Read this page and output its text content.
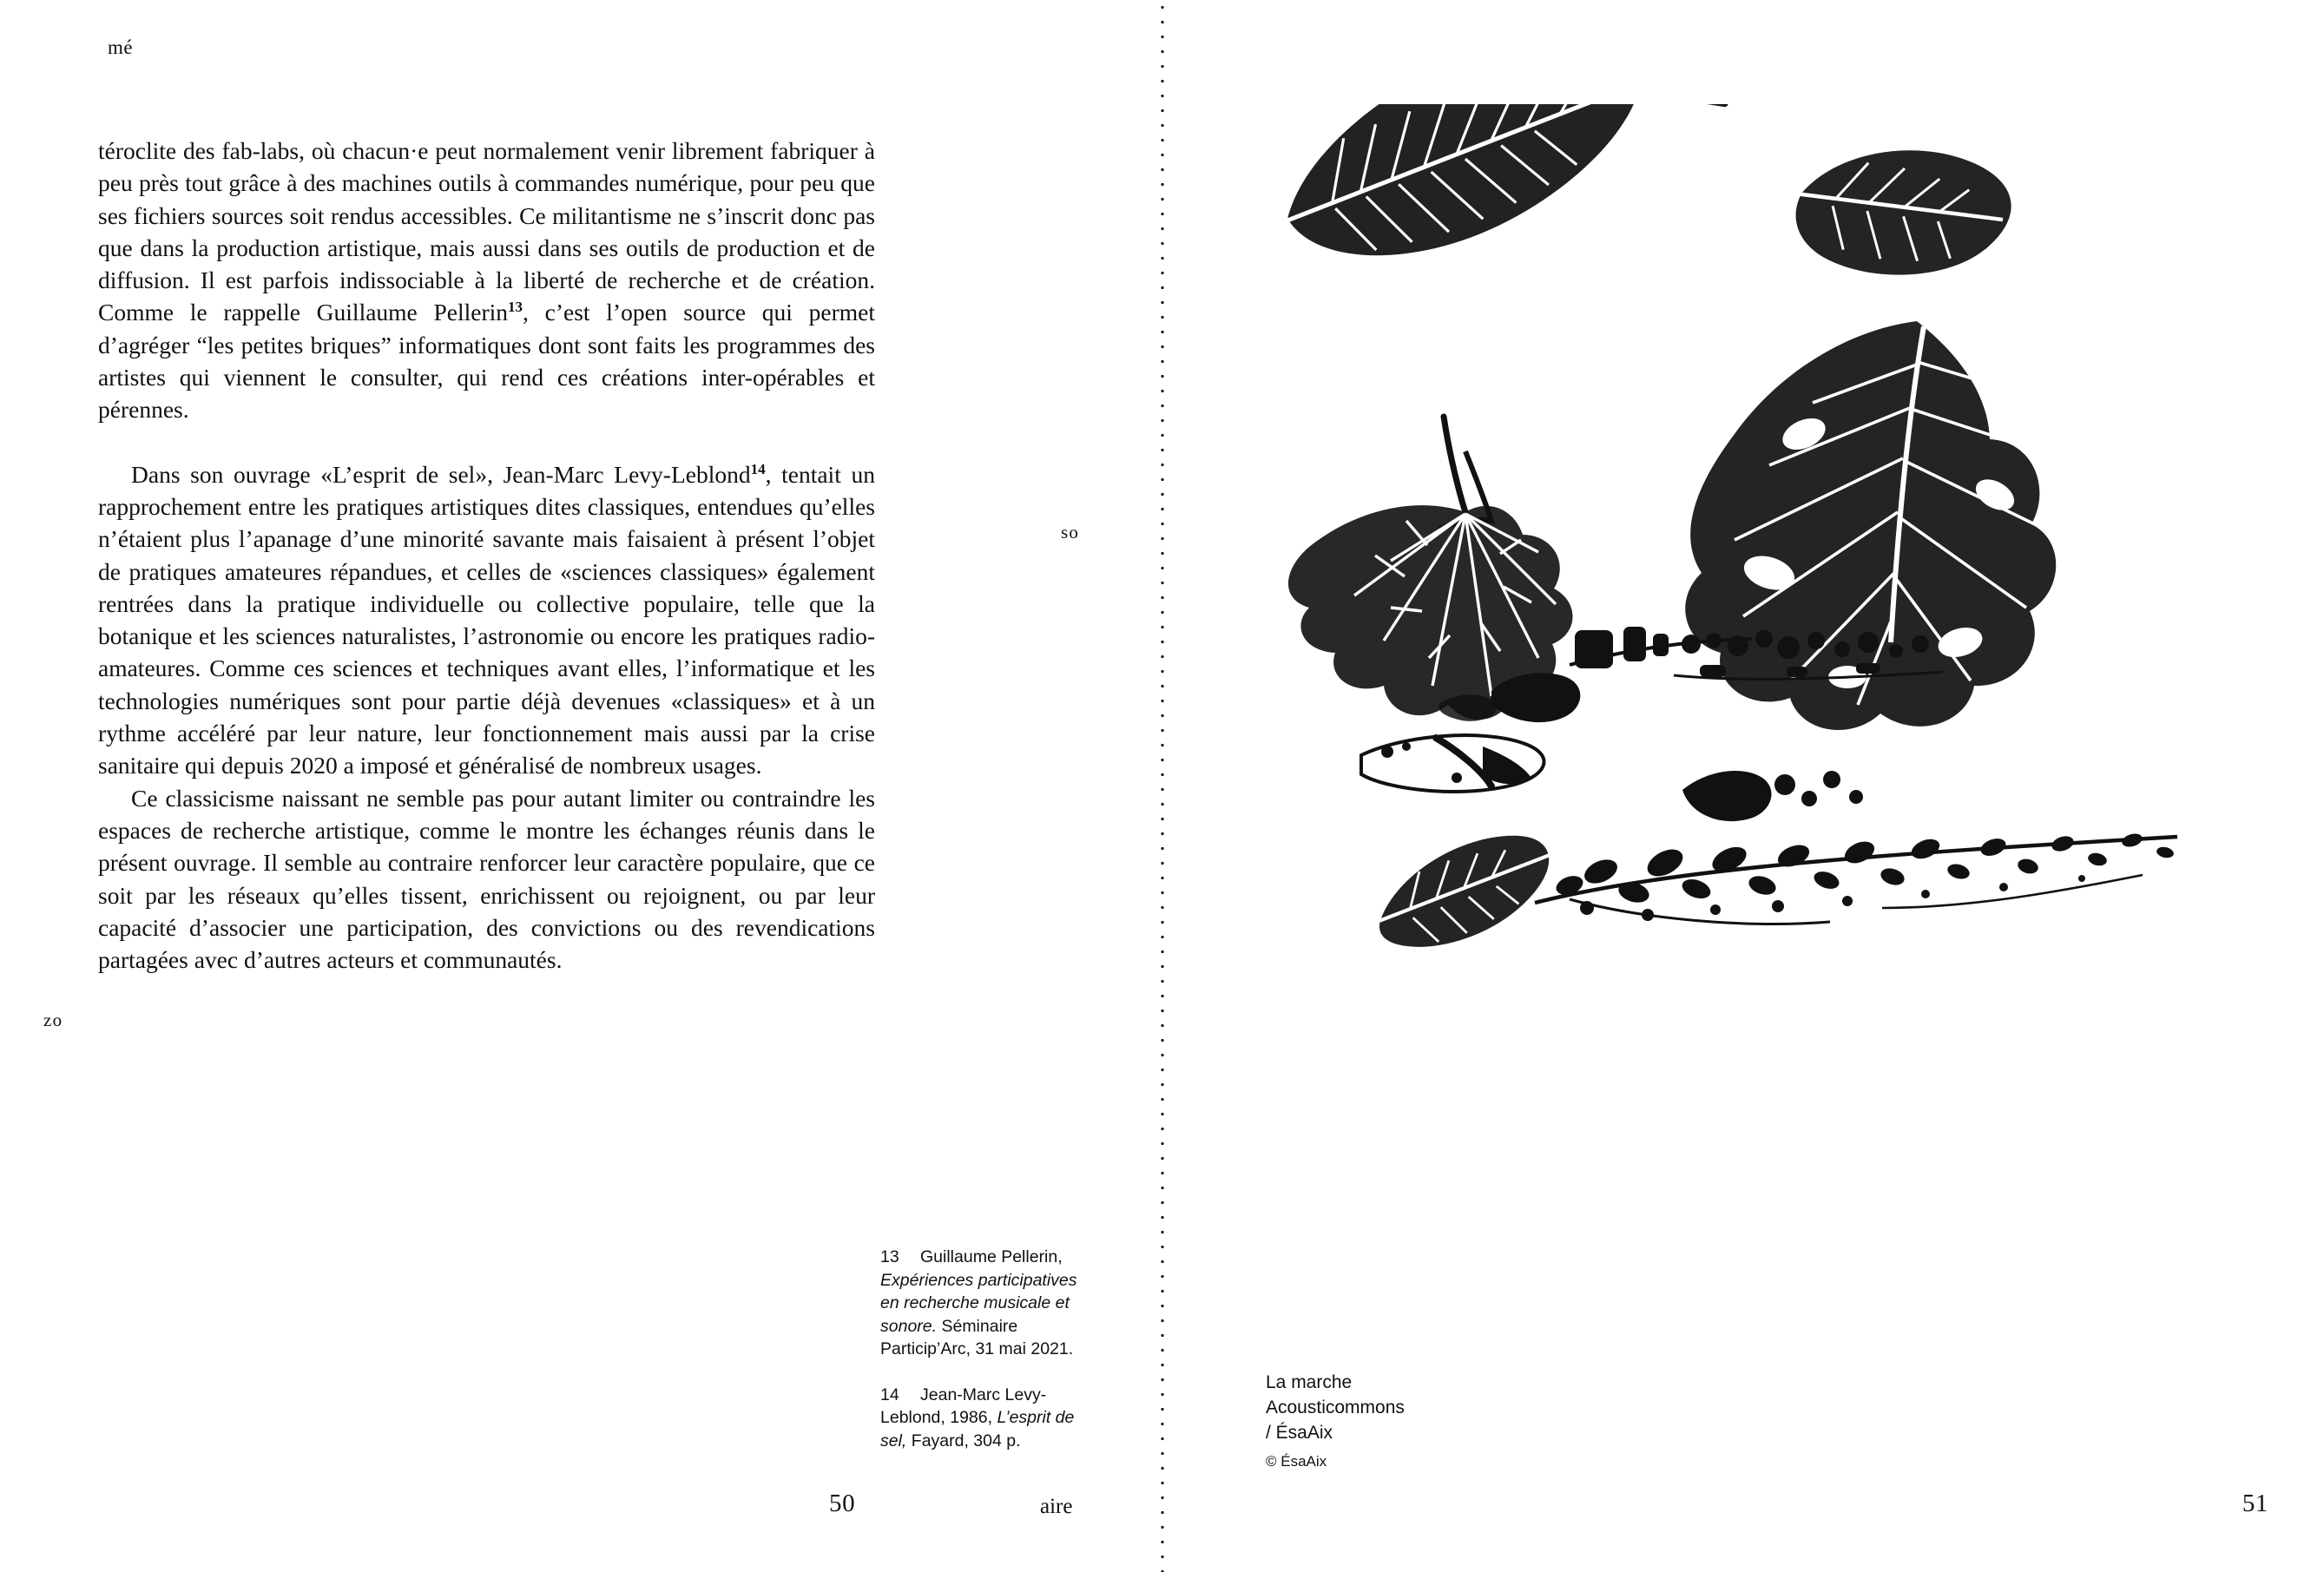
mé
zo

téroclite des fab-labs, où chacun·e peut normalement venir librement fabriquer à peu près tout grâce à des machines outils à commandes numérique, pour peu que ses fichiers sources soit rendus accessibles. Ce militantisme ne s’inscrit donc pas que dans la production artistique, mais aussi dans ses outils de production et de diffusion. Il est parfois indissociable à la liberté de recherche et de création. Comme le rappelle Guillaume Pellerin$^{13}$, c’est l’open source qui permet d’agréger “les petites briques” informatiques dont sont faits les programmes des artistes qui viennent le consulter, qui rend ces créations inter-opérables et pérennes.

Dans son ouvrage «L’esprit de sel», Jean-Marc Levy-Leblond$^{14}$, tentait un rapprochement entre les pratiques artistiques dites classiques, entendues qu’elles n’étaient plus l’apanage d’une minorité savante mais faisaient à présent l’objet de pratiques amateures répandues, et celles de «sciences classiques» également rentrées dans la pratique individuelle ou collective populaire, telle que la botanique et les sciences naturalistes, l’astronomie ou encore les pratiques radio-amateures. Comme ces sciences et techniques avant elles, l’informatique et les technologies numériques sont pour partie déjà devenues «classiques» et à un rythme accéléré par leur nature, leur fonctionnement mais aussi par la crise sanitaire qui depuis 2020 a imposé et généralisé de nombreux usages.

Ce classicisme naissant ne semble pas pour autant limiter ou contraindre les espaces de recherche artistique, comme le montre les échanges réunis dans le présent ouvrage. Il semble au contraire renforcer leur caractère populaire, que ce soit par les réseaux qu’elles tissent, enrichissent ou rejoignent, ou par leur capacité d’associer une participation, des convictions ou des revendications partagées avec d’autres acteurs et communautés.

13 Guillaume Pellerin, Expériences participatives en recherche musicale et sonore. Séminaire Particip’Arc, 31 mai 2021.
14 Jean-Marc Levy-Leblond, 1986, L’esprit de sel, Fayard, 304 p.
50	aire
so
La marche
Acousticommons
/ ÉsaAix
© ÉsaAix
51
